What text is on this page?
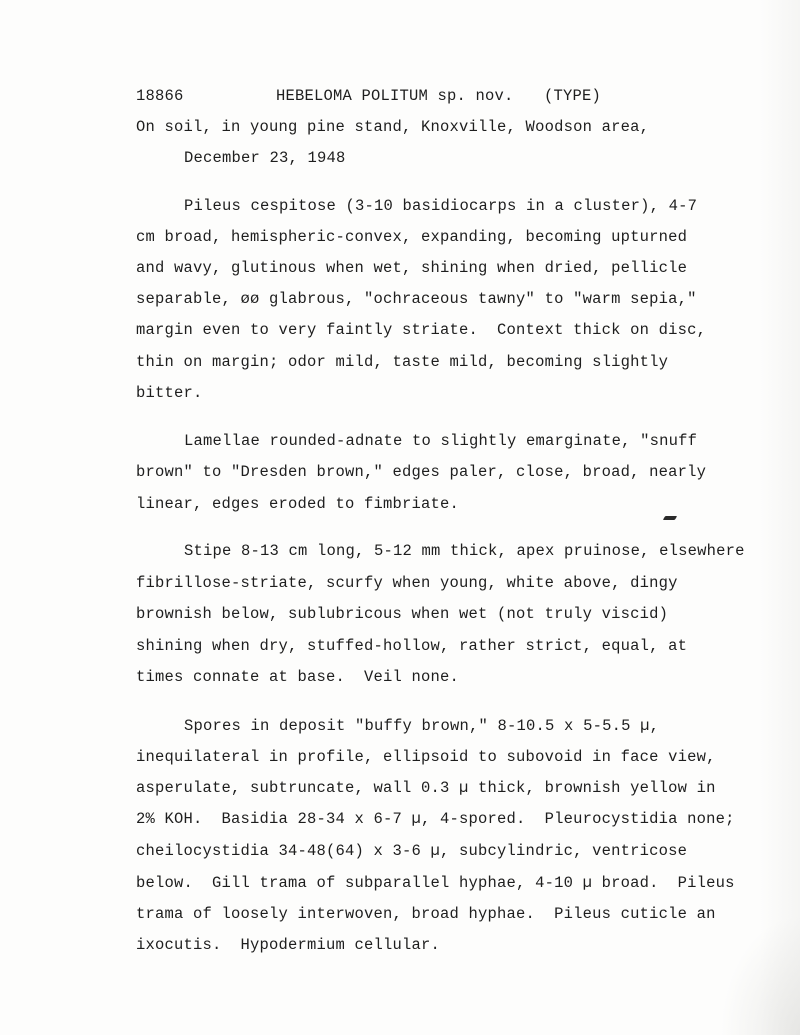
18866

	HEBELOMA POLITUM sp. nov.

(TYPE)

On soil, in young pine stand, Knoxville, Woodson area,
December 23, 1948
Pileus cespitose (3-10 basidiocarps in a cluster), 4-7
cm broad, hemispheric-convex, expanding, becoming upturned
and wavy, glutinous when wet, shining when dried, pellicle
separable, øø glabrous, "ochraceous tawny" to "warm sepia,"
margin even to very faintly striate.  Context thick on disc,
thin on margin; odor mild, taste mild, becoming slightly
bitter.
Lamellae rounded-adnate to slightly emarginate, "snuff
brown" to "Dresden brown," edges paler, close, broad, nearly
linear, edges eroded to fimbriate.
Stipe 8-13 cm long, 5-12 mm thick, apex pruinose, elsewhere
fibrillose-striate, scurfy when young, white above, dingy
brownish below, sublubricous when wet (not truly viscid)
shining when dry, stuffed-hollow, rather strict, equal, at
times connate at base.  Veil none.
Spores in deposit "buffy brown," 8-10.5 x 5-5.5 µ,
inequilateral in profile, ellipsoid to subovoid in face view,
asperulate, subtruncate, wall 0.3 µ thick, brownish yellow in
2% KOH.  Basidia 28-34 x 6-7 µ, 4-spored.  Pleurocystidia none;
cheilocystidia 34-48(64) x 3-6 µ, subcylindric, ventricose
below.  Gill trama of subparallel hyphae, 4-10 µ broad.  Pileus
trama of loosely interwoven, broad hyphae.  Pileus cuticle an
ixocutis.  Hypodermium cellular.
